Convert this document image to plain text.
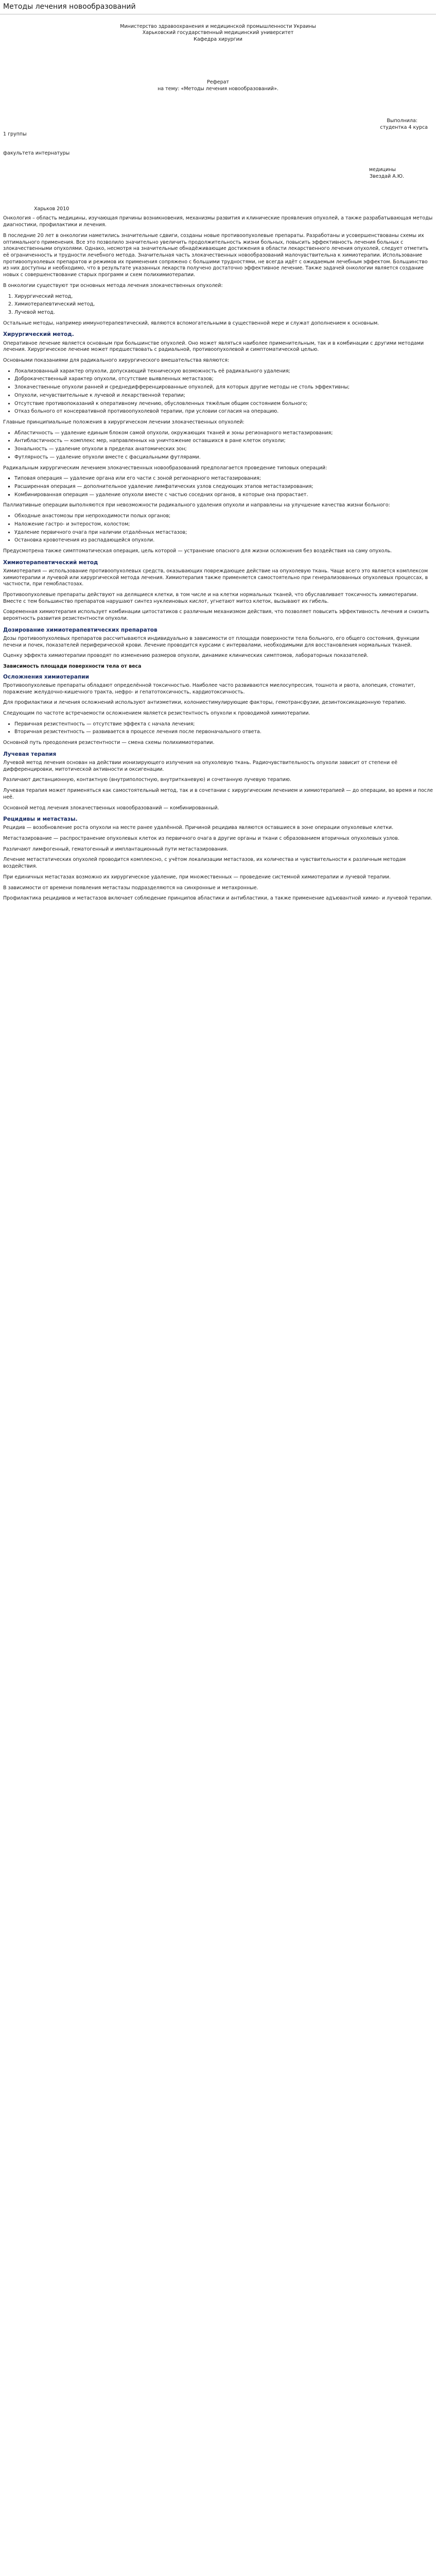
Методы лечения новообразований

Министерство здравоохранения и медицинской промышленности Украины

Харьковский государственный медицинский университет

Кафедра хирургии

Реферат

на тему: «Методы лечения новообразований».

Выполнила:

студентка 4 курса

1 группы

факультета интернатуры

медицины

Звездай А.Ю.

Харьков 2010

Онкология – область медицины, изучающая причины возникновения, механизмы развития и клинические проявления опухолей, а также разрабатывающая методы диагностики, профилактики и лечения.

В последние 20 лет в онкологии наметились значительные сдвиги, созданы новые противоопухолевые препараты. Разработаны и усовершенствованы схемы их оптимального применения. Все это позволило значительно увеличить продолжительность жизни больных, повысить эффективность лечения больных с злокачественными опухолями. Однако, несмотря на значительные обнадёживающие достижения в области лекарственного лечения опухолей, следует отметить её ограниченность и трудности лечебного метода. Значительная часть злокачественных новообразований малочувствительна к химиотерапии. Использование противоопухолевых препаратов и режимов их применения сопряжено с большими трудностями, не всегда идёт с ожидаемым лечебным эффектом. Большинство из них доступны и необходимо, что в результате указанных лекарств получено достаточно эффективное лечение. Также задачей онкологии является создание новых с совершенствование старых программ и схем полихимиотерапии.

В онкологии существуют три основных метода лечения злокачественных опухолей:

1. Хирургический метод,
2. Химиотерапевтический метод,
3. Лучевой метод.

Остальные методы, например иммунотерапевтический, являются вспомогательными в существенной мере и служат дополнением к основным.

Хирургический метод.

Оперативное лечение является основным при большинстве опухолей. Оно может являться наиболее применительным, так и в комбинации с другими методами лечения. Хирургическое лечение может предшествовать с радиальной, противоопухолевой и симптоматической целью.

Основными показаниями для радикального хирургического вмешательства являются:

• Локализованный характер опухоли, допускающий техническую возможность её радикального удаления;
• Доброкачественный характер опухоли, отсутствие выявленных метастазов;
• Злокачественные опухоли ранней и среднедифференцированные опухолей, для которых другие методы не столь эффективны;
• Опухоли, нечувствительные к лучевой и лекарственной терапии;
• Отсутствие противопоказаний к оперативному лечению, обусловленных тяжёлым общим состоянием больного;
• Отказ больного от консервативной противоопухолевой терапии, при условии согласия на операцию.

Главные принципиальные положения в хирургическом лечении злокачественных опухолей:

• Абластичность — удаление единым блоком самой опухоли, окружающих тканей и зоны регионарного метастазирования;
• Антибластичность — комплекс мер, направленных на уничтожение оставшихся в ране клеток опухоли;
• Зональность — удаление опухоли в пределах анатомических зон;
• Футлярность — удаление опухоли вместе с фасциальными футлярами.

Радикальным хирургическим лечением злокачественных новообразований предполагается проведение типовых операций:

▪ Типовая операция — удаление органа или его части с зоной регионарного метастазирования;
▪ Расширенная операция — дополнительное удаление лимфатических узлов следующих этапов метастазирования;
▪ Комбинированная операция — удаление опухоли вместе с частью соседних органов, в которые она прорастает.

Паллиативные операции выполняются при невозможности радикального удаления опухоли и направлены на улучшение качества жизни больного:

• Обходные анастомозы при непроходимости полых органов;
• Наложение гастро- и энтеростом, колостом;
• Удаление первичного очага при наличии отдалённых метастазов;
• Остановка кровотечения из распадающейся опухоли.

Предусмотрена также симптоматическая операция, цель которой — устранение опасного для жизни осложнения без воздействия на саму опухоль.

Химиотерапевтический метод

Химиотерапия — использование противоопухолевых средств, оказывающих повреждающее действие на опухолевую ткань. Чаще всего это является комплексом химиотерапии и лучевой или хирургической метода лечения. Химиотерапия также применяется самостоятельно при генерализованных опухолевых процессах, в частности, при гемобластозах.

Противоопухолевые препараты действуют на делящиеся клетки, в том числе и на клетки нормальных тканей, что обуславливает токсичность химиотерапии. Вместе с тем большинство препаратов нарушают синтез нуклеиновых кислот, угнетают митоз клеток, вызывают их гибель.

Современная химиотерапия использует комбинации цитостатиков с различным механизмом действия, что позволяет повысить эффективность лечения и снизить вероятность развития резистентности опухоли.

Дозирование химиотерапевтических препаратов

Дозы противоопухолевых препаратов рассчитываются индивидуально в зависимости от площади поверхности тела больного, его общего состояния, функции печени и почек, показателей периферической крови. Лечение проводится курсами с интервалами, необходимыми для восстановления нормальных тканей.

Оценку эффекта химиотерапии проводят по изменению размеров опухоли, динамике клинических симптомов, лабораторных показателей.

Зависимость площади поверхности тела от веса
Осложнения химиотерапии

Противоопухолевые препараты обладают определённой токсичностью. Наиболее часто развиваются миелосупрессия, тошнота и рвота, алопеция, стоматит, поражение желудочно-кишечного тракта, нефро- и гепатотоксичность, кардиотоксичность.

Для профилактики и лечения осложнений используют антиэметики, колониестимулирующие факторы, гемотрансфузии, дезинтоксикационную терапию.

Следующим по частоте встречаемости осложнением является резистентность опухоли к проводимой химиотерапии.

• Первичная резистентность — отсутствие эффекта с начала лечения;
• Вторичная резистентность — развивается в процессе лечения после первоначального ответа.

Основной путь преодоления резистентности — смена схемы полихимиотерапии.

Лучевая терапия

Лучевой метод лечения основан на действии ионизирующего излучения на опухолевую ткань. Радиочувствительность опухоли зависит от степени её дифференцировки, митотической активности и оксигенации.

Различают дистанционную, контактную (внутриполостную, внутритканевую) и сочетанную лучевую терапию.

Лучевая терапия может применяться как самостоятельный метод, так и в сочетании с хирургическим лечением и химиотерапией — до операции, во время и после неё.

Основной метод лечения злокачественных новообразований — комбинированный.

Рецидивы и метастазы.

Рецидив — возобновление роста опухоли на месте ранее удалённой. Причиной рецидива являются оставшиеся в зоне операции опухолевые клетки.

Метастазирование — распространение опухолевых клеток из первичного очага в другие органы и ткани с образованием вторичных опухолевых узлов.

Различают лимфогенный, гематогенный и имплантационный пути метастазирования.

Лечение метастатических опухолей проводится комплексно, с учётом локализации метастазов, их количества и чувствительности к различным методам воздействия.

При единичных метастазах возможно их хирургическое удаление, при множественных — проведение системной химиотерапии и лучевой терапии.

В зависимости от времени появления метастазы подразделяются на синхронные и метахронные.

Профилактика рецидивов и метастазов включает соблюдение принципов абластики и антибластики, а также применение адъювантной химио- и лучевой терапии.
